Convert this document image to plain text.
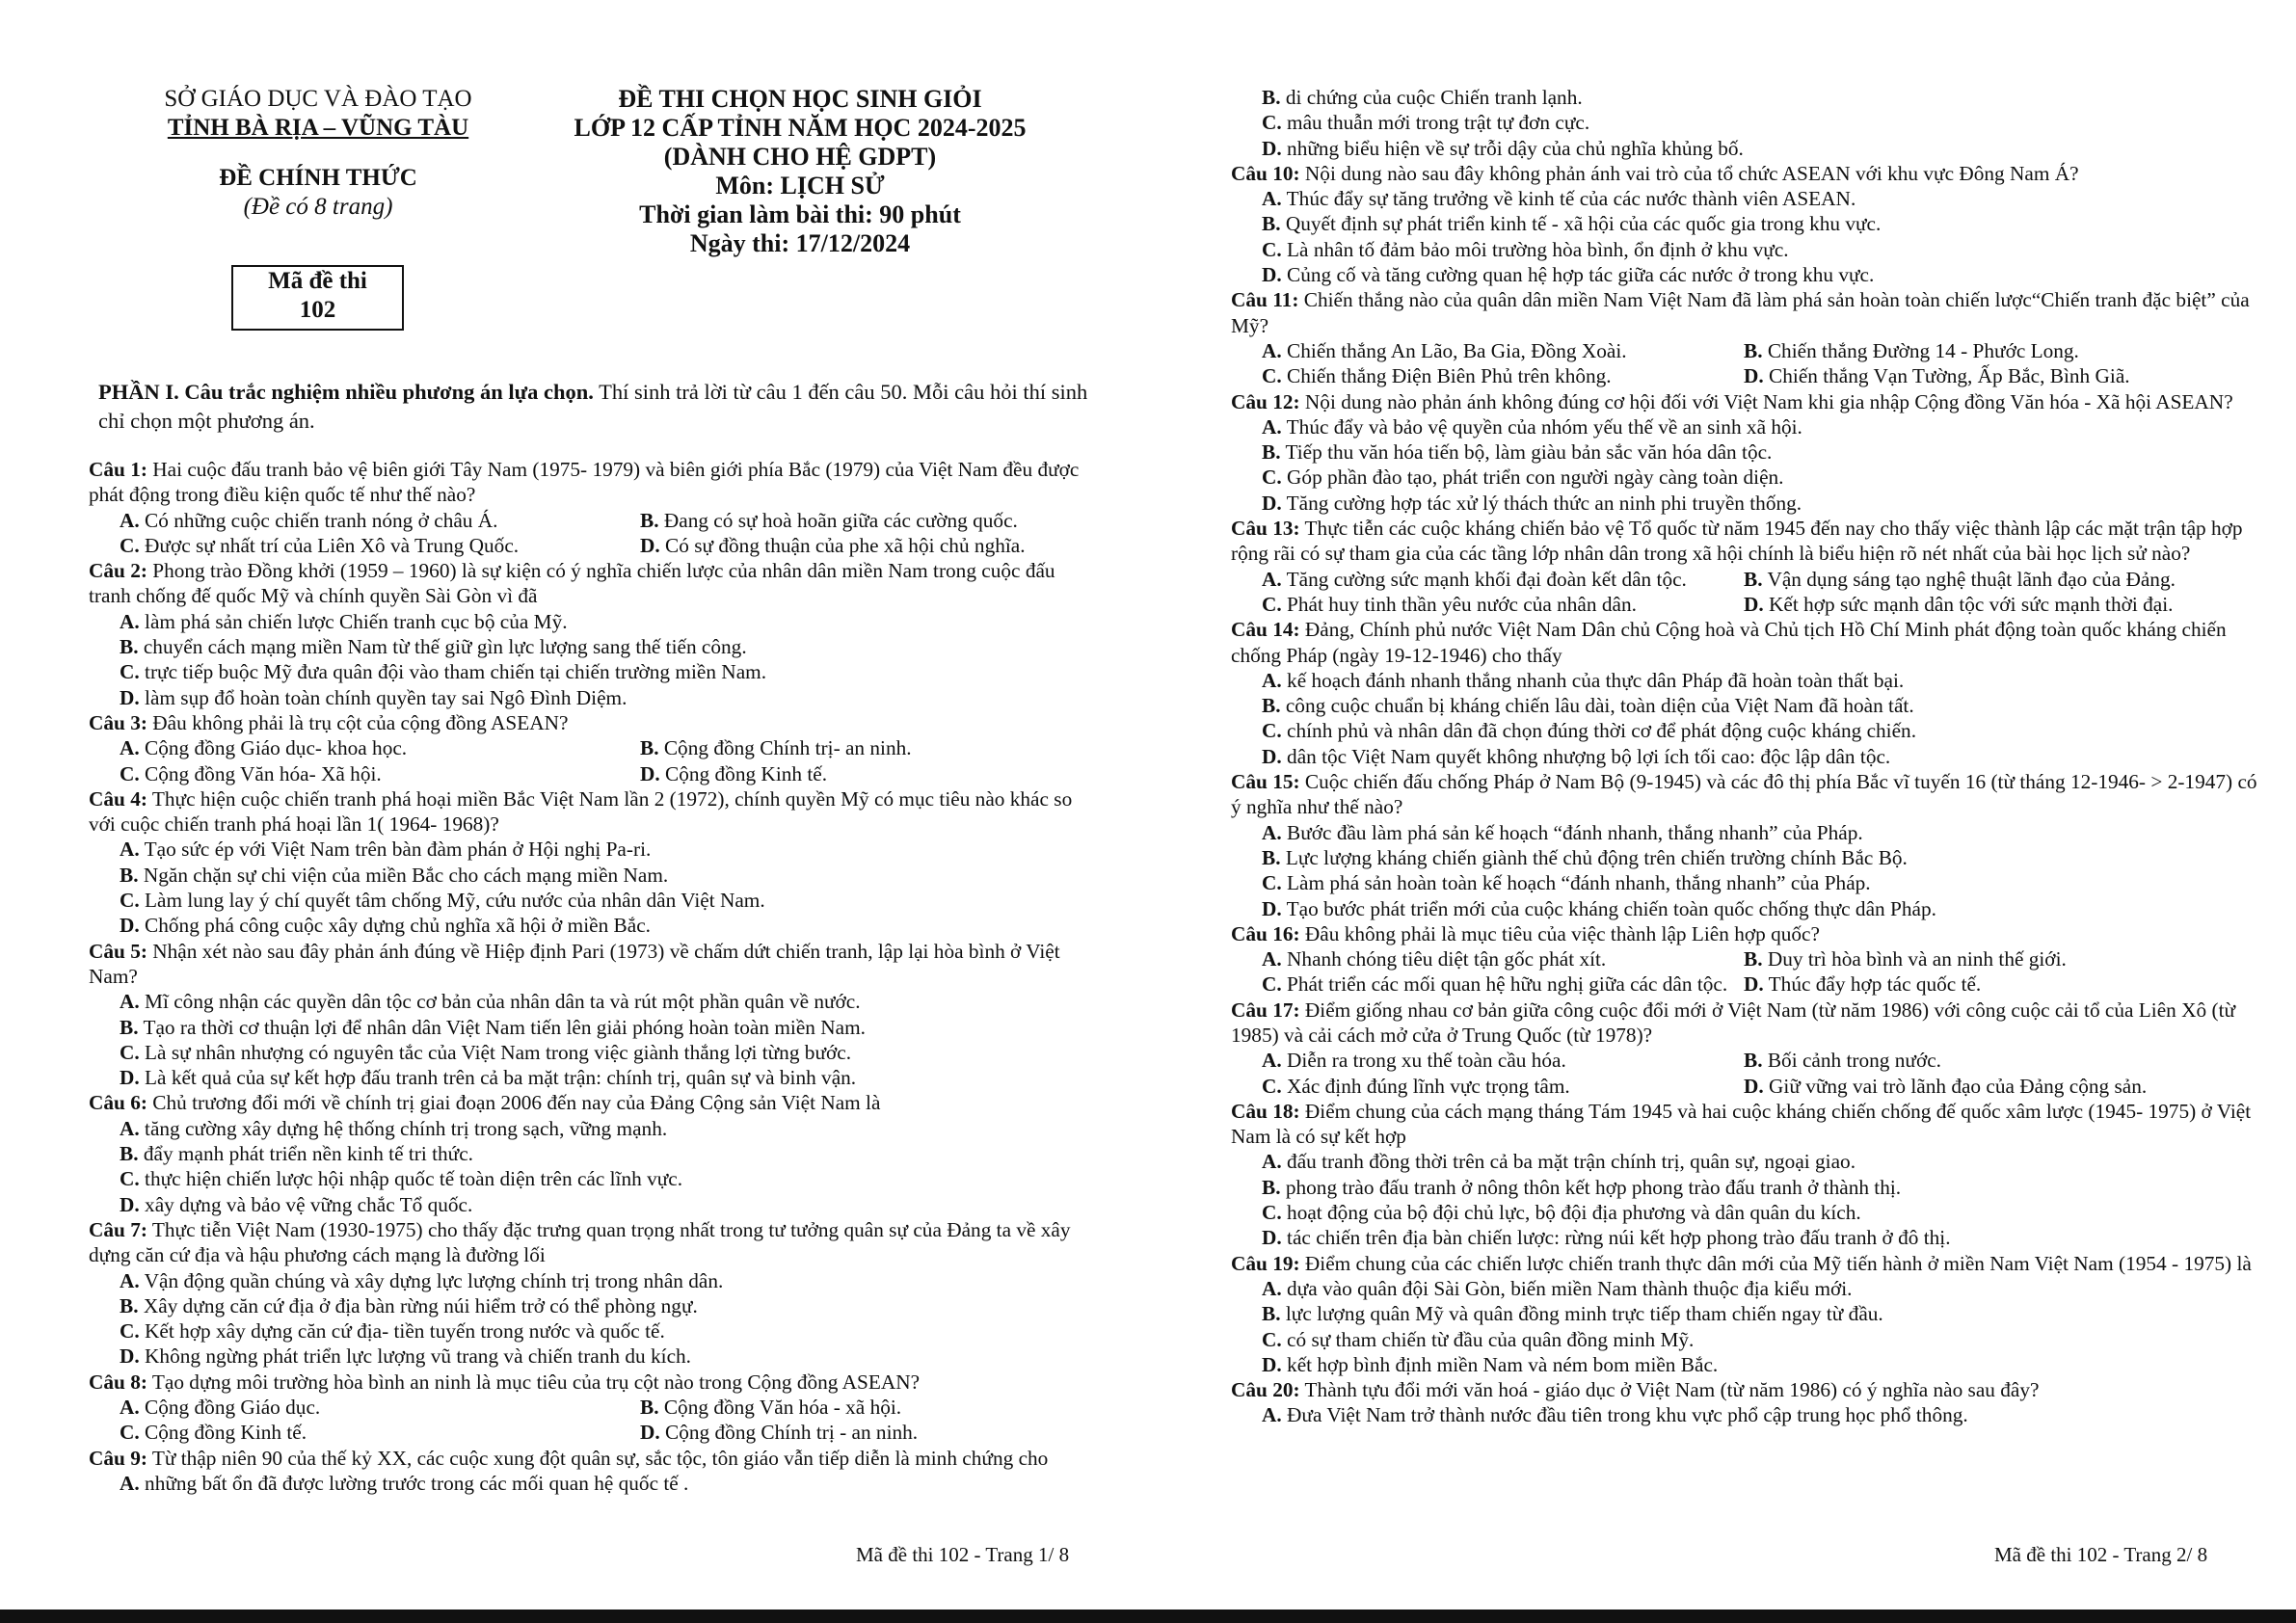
SỞ GIÁO DỤC VÀ ĐÀO TẠO
TỈNH BÀ RỊA – VŨNG TÀU
ĐỀ CHÍNH THỨC
(Đề có 8 trang)
Mã đề thi
102
ĐỀ THI CHỌN HỌC SINH GIỎI
LỚP 12 CẤP TỈNH NĂM HỌC 2024-2025
(DÀNH CHO HỆ GDPT)
Môn: LỊCH SỬ
Thời gian làm bài thi: 90 phút
Ngày thi: 17/12/2024
PHẦN I. Câu trắc nghiệm nhiều phương án lựa chọn. Thí sinh trả lời từ câu 1 đến câu 50. Mỗi câu hỏi thí sinh chỉ chọn một phương án.
Câu 1: Hai cuộc đấu tranh bảo vệ biên giới Tây Nam (1975- 1979) và biên giới phía Bắc (1979) của Việt Nam đều được phát động trong điều kiện quốc tế như thế nào?
A. Có những cuộc chiến tranh nóng ở châu Á.	B. Đang có sự hoà hoãn giữa các cường quốc.
C. Được sự nhất trí của Liên Xô và Trung Quốc.	D. Có sự đồng thuận của phe xã hội chủ nghĩa.
Câu 2: Phong trào Đồng khởi (1959 – 1960) là sự kiện có ý nghĩa chiến lược của nhân dân miền Nam trong cuộc đấu tranh chống đế quốc Mỹ và chính quyền Sài Gòn vì đã
A. làm phá sản chiến lược Chiến tranh cục bộ của Mỹ.
B. chuyển cách mạng miền Nam từ thế giữ gìn lực lượng sang thế tiến công.
C. trực tiếp buộc Mỹ đưa quân đội vào tham chiến tại chiến trường miền Nam.
D. làm sụp đổ hoàn toàn chính quyền tay sai Ngô Đình Diệm.
Câu 3: Đâu không phải là trụ cột của cộng đồng ASEAN?
A. Cộng đồng Giáo dục- khoa học.	B. Cộng đồng Chính trị- an ninh.
C. Cộng đồng Văn hóa- Xã hội.	D. Cộng đồng Kinh tế.
Câu 4: Thực hiện cuộc chiến tranh phá hoại miền Bắc Việt Nam lần 2 (1972), chính quyền Mỹ có mục tiêu nào khác so với cuộc chiến tranh phá hoại lần 1( 1964- 1968)?
A. Tạo sức ép với Việt Nam trên bàn đàm phán ở Hội nghị Pa-ri.
B. Ngăn chặn sự chi viện của miền Bắc cho cách mạng miền Nam.
C. Làm lung lay ý chí quyết tâm chống Mỹ, cứu nước của nhân dân Việt Nam.
D. Chống phá công cuộc xây dựng chủ nghĩa xã hội ở miền Bắc.
Câu 5: Nhận xét nào sau đây phản ánh đúng về Hiệp định Pari (1973) về chấm dứt chiến tranh, lập lại hòa bình ở Việt Nam?
A. Mĩ công nhận các quyền dân tộc cơ bản của nhân dân ta và rút một phần quân về nước.
B. Tạo ra thời cơ thuận lợi để nhân dân Việt Nam tiến lên giải phóng hoàn toàn miền Nam.
C. Là sự nhân nhượng có nguyên tắc của Việt Nam trong việc giành thắng lợi từng bước.
D. Là kết quả của sự kết hợp đấu tranh trên cả ba mặt trận: chính trị, quân sự và binh vận.
Câu 6: Chủ trương đổi mới về chính trị giai đoạn 2006 đến nay của Đảng Cộng sản Việt Nam là
A. tăng cường xây dựng hệ thống chính trị trong sạch, vững mạnh.
B. đẩy mạnh phát triển nền kinh tế tri thức.
C. thực hiện chiến lược hội nhập quốc tế toàn diện trên các lĩnh vực.
D. xây dựng và bảo vệ vững chắc Tổ quốc.
Câu 7: Thực tiễn Việt Nam (1930-1975) cho thấy đặc trưng quan trọng nhất trong tư tưởng quân sự của Đảng ta về xây dựng căn cứ địa và hậu phương cách mạng là đường lối
A. Vận động quần chúng và xây dựng lực lượng chính trị trong nhân dân.
B. Xây dựng căn cứ địa ở địa bàn rừng núi hiểm trở có thể phòng ngự.
C. Kết hợp xây dựng căn cứ địa- tiền tuyến trong nước và quốc tế.
D. Không ngừng phát triển lực lượng vũ trang và chiến tranh du kích.
Câu 8: Tạo dựng môi trường hòa bình an ninh là mục tiêu của trụ cột nào trong Cộng đồng ASEAN?
A. Cộng đồng Giáo dục.	B. Cộng đồng Văn hóa - xã hội.
C. Cộng đồng Kinh tế.	D. Cộng đồng Chính trị - an ninh.
Câu 9: Từ thập niên 90 của thế kỷ XX, các cuộc xung đột quân sự, sắc tộc, tôn giáo vẫn tiếp diễn là minh chứng cho
A. những bất ổn đã được lường trước trong các mối quan hệ quốc tế .
Mã đề thi 102 - Trang 1/ 8
B. di chứng của cuộc Chiến tranh lạnh.
C. mâu thuẫn mới trong trật tự đơn cực.
D. những biểu hiện về sự trỗi dậy của chủ nghĩa khủng bố.
Câu 10: Nội dung nào sau đây không phản ánh vai trò của tổ chức ASEAN với khu vực Đông Nam Á?
A. Thúc đẩy sự tăng trưởng về kinh tế của các nước thành viên ASEAN.
B. Quyết định sự phát triển kinh tế - xã hội của các quốc gia trong khu vực.
C. Là nhân tố đảm bảo môi trường hòa bình, ổn định ở khu vực.
D. Củng cố và tăng cường quan hệ hợp tác giữa các nước ở trong khu vực.
Câu 11: Chiến thắng nào của quân dân miền Nam Việt Nam đã làm phá sản hoàn toàn chiến lược“Chiến tranh đặc biệt” của Mỹ?
A. Chiến thắng An Lão, Ba Gia, Đồng Xoài.	B. Chiến thắng Đường 14 - Phước Long.
C. Chiến thắng Điện Biên Phủ trên không.	D. Chiến thắng Vạn Tường, Ấp Bắc, Bình Giã.
Câu 12: Nội dung nào phản ánh không đúng cơ hội đối với Việt Nam khi gia nhập Cộng đồng Văn hóa - Xã hội ASEAN?
A. Thúc đẩy và bảo vệ quyền của nhóm yếu thế về an sinh xã hội.
B. Tiếp thu văn hóa tiến bộ, làm giàu bản sắc văn hóa dân tộc.
C. Góp phần đào tạo, phát triển con người ngày càng toàn diện.
D. Tăng cường hợp tác xử lý thách thức an ninh phi truyền thống.
Câu 13: Thực tiễn các cuộc kháng chiến bảo vệ Tổ quốc từ năm 1945 đến nay cho thấy việc thành lập các mặt trận tập hợp rộng rãi có sự tham gia của các tầng lớp nhân dân trong xã hội chính là biểu hiện rõ nét nhất của bài học lịch sử nào?
A. Tăng cường sức mạnh khối đại đoàn kết dân tộc.	B. Vận dụng sáng tạo nghệ thuật lãnh đạo của Đảng.
C. Phát huy tinh thần yêu nước của nhân dân.	D. Kết hợp sức mạnh dân tộc với sức mạnh thời đại.
Câu 14: Đảng, Chính phủ nước Việt Nam Dân chủ Cộng hoà và Chủ tịch Hồ Chí Minh phát động toàn quốc kháng chiến chống Pháp (ngày 19-12-1946) cho thấy
A. kế hoạch đánh nhanh thắng nhanh của thực dân Pháp đã hoàn toàn thất bại.
B. công cuộc chuẩn bị kháng chiến lâu dài, toàn diện của Việt Nam đã hoàn tất.
C. chính phủ và nhân dân đã chọn đúng thời cơ để phát động cuộc kháng chiến.
D. dân tộc Việt Nam quyết không nhượng bộ lợi ích tối cao: độc lập dân tộc.
Câu 15: Cuộc chiến đấu chống Pháp ở Nam Bộ (9-1945) và các đô thị phía Bắc vĩ tuyến 16 (từ tháng 12-1946- > 2-1947) có ý nghĩa như thế nào?
A. Bước đầu làm phá sản kế hoạch “đánh nhanh, thắng nhanh” của Pháp.
B. Lực lượng kháng chiến giành thế chủ động trên chiến trường chính Bắc Bộ.
C. Làm phá sản hoàn toàn kế hoạch “đánh nhanh, thắng nhanh” của Pháp.
D. Tạo bước phát triển mới của cuộc kháng chiến toàn quốc chống thực dân Pháp.
Câu 16: Đâu không phải là mục tiêu của việc thành lập Liên hợp quốc?
A. Nhanh chóng tiêu diệt tận gốc phát xít.	B. Duy trì hòa bình và an ninh thế giới.
C. Phát triển các mối quan hệ hữu nghị giữa các dân tộc. D. Thúc đẩy hợp tác quốc tế.
Câu 17: Điểm giống nhau cơ bản giữa công cuộc đổi mới ở Việt Nam (từ năm 1986) với công cuộc cải tổ của Liên Xô (từ 1985) và cải cách mở cửa ở Trung Quốc (từ 1978)?
A. Diễn ra trong xu thế toàn cầu hóa.	B. Bối cảnh trong nước.
C. Xác định đúng lĩnh vực trọng tâm.	D. Giữ vững vai trò lãnh đạo của Đảng cộng sản.
Câu 18: Điểm chung của cách mạng tháng Tám 1945 và hai cuộc kháng chiến chống đế quốc xâm lược (1945- 1975) ở Việt Nam là có sự kết hợp
A. đấu tranh đồng thời trên cả ba mặt trận chính trị, quân sự, ngoại giao.
B. phong trào đấu tranh ở nông thôn kết hợp phong trào đấu tranh ở thành thị.
C. hoạt động của bộ đội chủ lực, bộ đội địa phương và dân quân du kích.
D. tác chiến trên địa bàn chiến lược: rừng núi kết hợp phong trào đấu tranh ở đô thị.
Câu 19: Điểm chung của các chiến lược chiến tranh thực dân mới của Mỹ tiến hành ở miền Nam Việt Nam (1954 - 1975) là
A. dựa vào quân đội Sài Gòn, biến miền Nam thành thuộc địa kiểu mới.
B. lực lượng quân Mỹ và quân đồng minh trực tiếp tham chiến ngay từ đầu.
C. có sự tham chiến từ đầu của quân đồng minh Mỹ.
D. kết hợp bình định miền Nam và ném bom miền Bắc.
Câu 20: Thành tựu đổi mới văn hoá - giáo dục ở Việt Nam (từ năm 1986) có ý nghĩa nào sau đây?
A. Đưa Việt Nam trở thành nước đầu tiên trong khu vực phổ cập trung học phổ thông.
Mã đề thi 102 - Trang 2/ 8
